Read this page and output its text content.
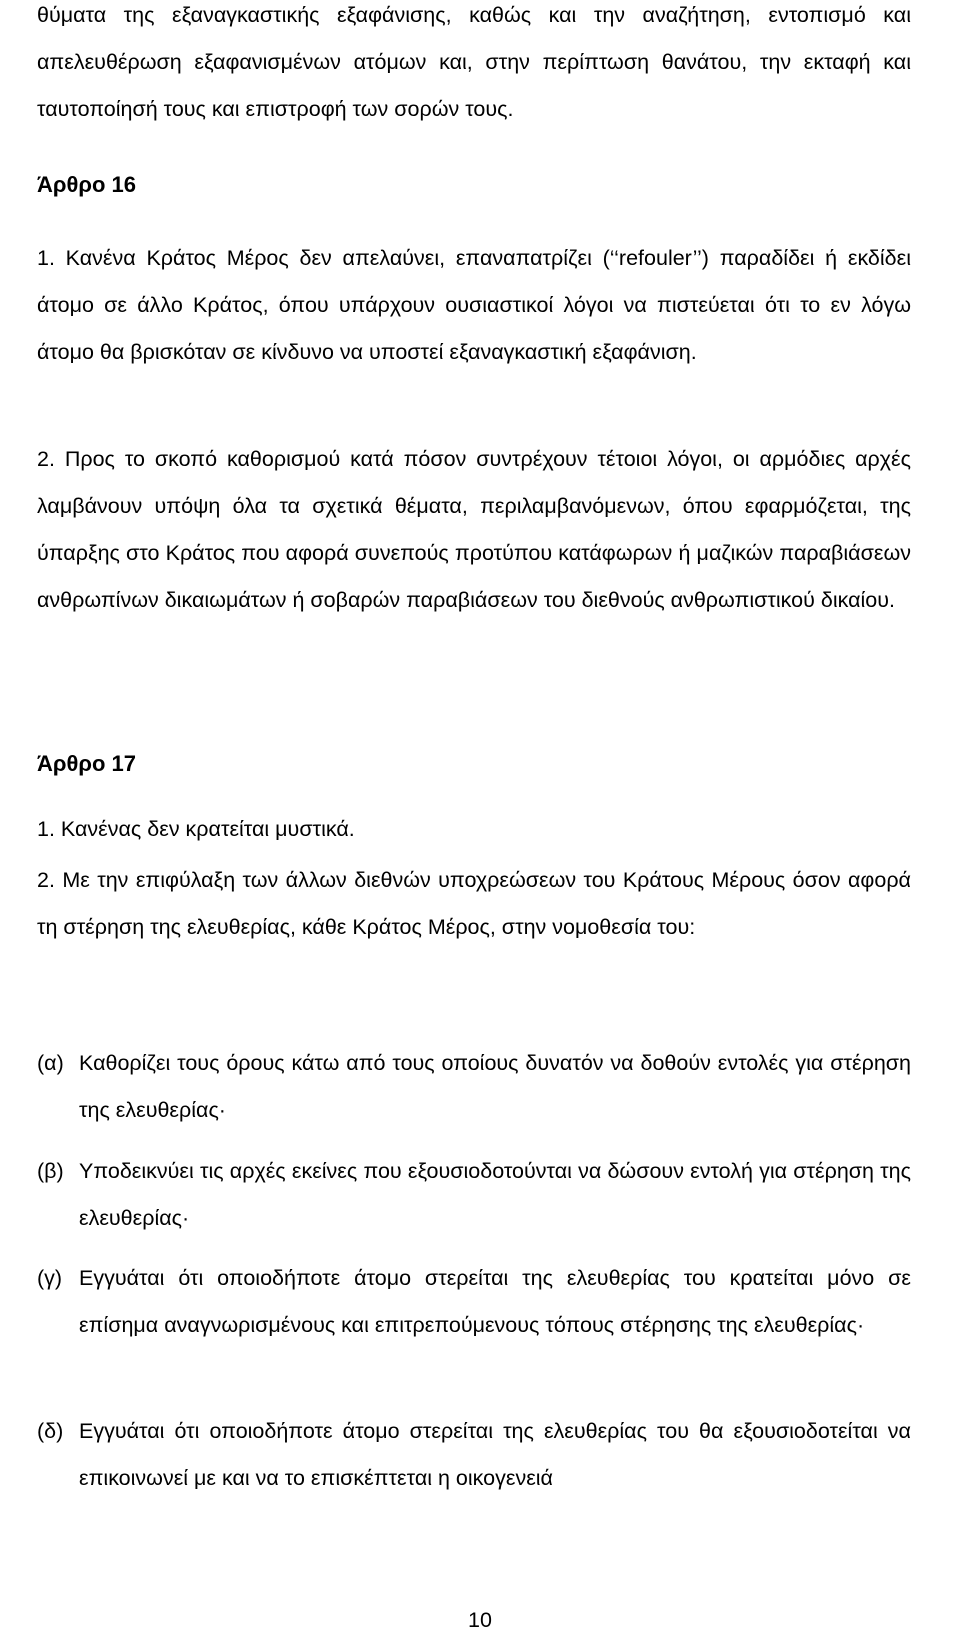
θύματα της εξαναγκαστικής εξαφάνισης, καθώς και την αναζήτηση, εντοπισμό και απελευθέρωση εξαφανισμένων ατόμων και, στην περίπτωση θανάτου, την εκταφή και ταυτοποίησή τους και επιστροφή των σορών τους.

Άρθρο 16

1. Κανένα Κράτος Μέρος δεν απελαύνει, επαναπατρίζει (‘‘refouler’’) παραδίδει ή εκδίδει άτομο σε άλλο Κράτος, όπου υπάρχουν ουσιαστικοί λόγοι να πιστεύεται ότι το εν λόγω άτομο θα βρισκόταν σε κίνδυνο να υποστεί εξαναγκαστική εξαφάνιση.

2. Προς το σκοπό καθορισμού κατά πόσον συντρέχουν τέτοιοι λόγοι, οι αρμόδιες αρχές λαμβάνουν υπόψη όλα τα σχετικά θέματα, περιλαμβανόμενων, όπου εφαρμόζεται, της ύπαρξης στο Κράτος που αφορά συνεπούς προτύπου κατάφωρων ή μαζικών παραβιάσεων ανθρωπίνων δικαιωμάτων ή σοβαρών παραβιάσεων του διεθνούς ανθρωπιστικού δικαίου.

Άρθρο 17

1. Κανένας δεν κρατείται μυστικά.

2. Με την επιφύλαξη των άλλων διεθνών υποχρεώσεων του Κράτους Μέρους όσον αφορά τη στέρηση της ελευθερίας, κάθε Κράτος Μέρος, στην νομοθεσία του:

(α) Καθορίζει τους όρους κάτω από τους οποίους δυνατόν να δοθούν εντολές για στέρηση της ελευθερίας·
(β) Υποδεικνύει τις αρχές εκείνες που εξουσιοδοτούνται να δώσουν εντολή για στέρηση της ελευθερίας·
(γ) Εγγυάται ότι οποιοδήποτε άτομο στερείται της ελευθερίας του κρατείται μόνο σε επίσημα αναγνωρισμένους και επιτρεπούμενους τόπους στέρησης της ελευθερίας·
(δ) Εγγυάται ότι οποιοδήποτε άτομο στερείται της ελευθερίας του θα εξουσιοδοτείται να επικοινωνεί με και να το επισκέπτεται η οικογενειά
10
